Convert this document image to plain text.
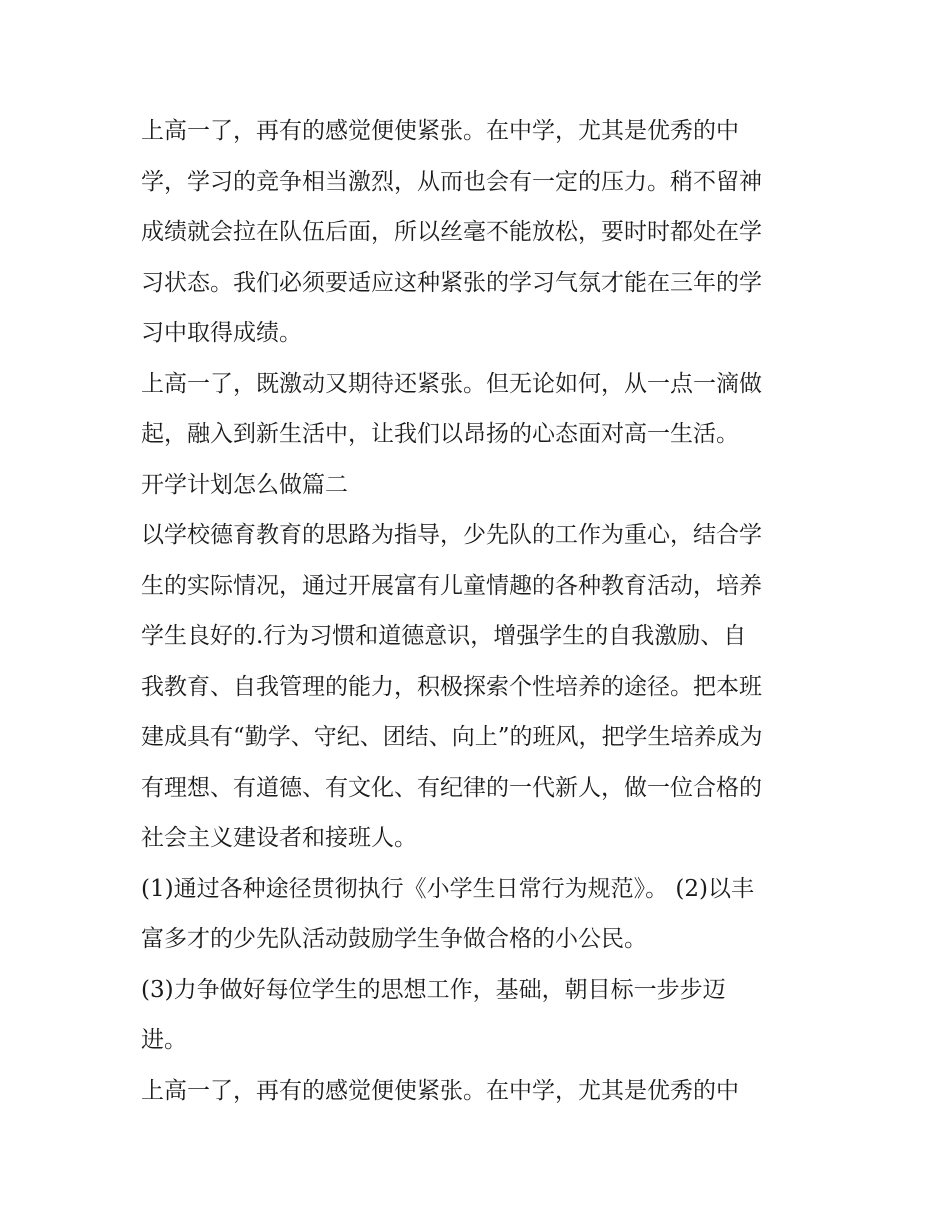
上高一了，再有的感觉便使紧张。在中学，尤其是优秀的中
学，学习的竞争相当激烈，从而也会有一定的压力。稍不留神
成绩就会拉在队伍后面，所以丝毫不能放松，要时时都处在学
习状态。我们必须要适应这种紧张的学习气氛才能在三年的学
习中取得成绩。
上高一了，既激动又期待还紧张。但无论如何，从一点一滴做
起，融入到新生活中，让我们以昂扬的心态面对高一生活。
开学计划怎么做篇二
以学校德育教育的思路为指导，少先队的工作为重心，结合学
生的实际情况，通过开展富有儿童情趣的各种教育活动，培养
学生良好的.行为习惯和道德意识，增强学生的自我激励、自
我教育、自我管理的能力，积极探索个性培养的途径。把本班
建成具有“勤学、守纪、团结、向上”的班风，把学生培养成为
有理想、有道德、有文化、有纪律的一代新人，做一位合格的
社会主义建设者和接班人。
(1)通过各种途径贯彻执行《小学生日常行为规范》。 (2)以丰
富多才的少先队活动鼓励学生争做合格的小公民。
(3)力争做好每位学生的思想工作，基础，朝目标一步步迈
进。
上高一了，再有的感觉便使紧张。在中学，尤其是优秀的中
